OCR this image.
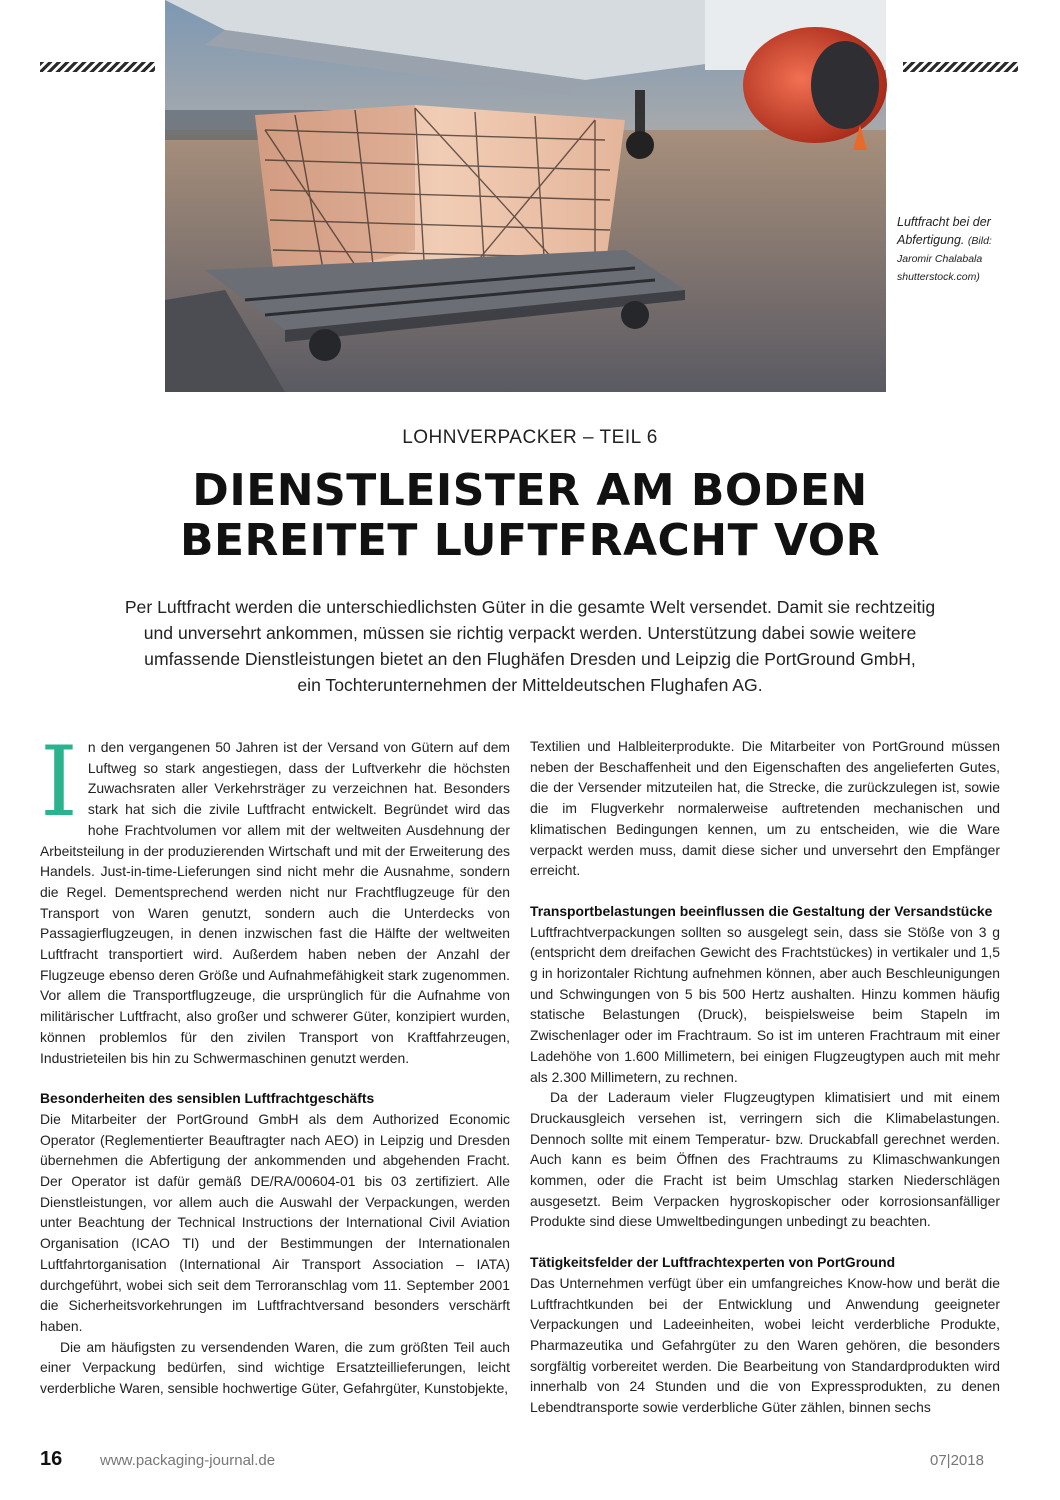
Luftfracht bei der
Abfertigung. (Bild:
Jaromir Chalabala
shutterstock.com)
LOHNVERPACKER – TEIL 6
DIENSTLEISTER AM BODEN
BEREITET LUFTFRACHT VOR
Per Luftfracht werden die unterschiedlichsten Güter in die gesamte Welt versendet. Damit sie rechtzeitig
und unversehrt ankommen, müssen sie richtig verpackt werden. Unterstützung dabei sowie weitere
umfassende Dienstleistungen bietet an den Flughäfen Dresden und Leipzig die PortGround GmbH,
ein Tochterunternehmen der Mitteldeutschen Flughafen AG.

In den vergangenen 50 Jahren ist der Versand von Gütern auf dem Luftweg so stark angestiegen, dass der Luftverkehr die höchsten Zuwachsraten aller Verkehrsträger zu verzeichnen hat. Besonders stark hat sich die zivile Luftfracht entwickelt. Begründet wird das hohe Frachtvolumen vor allem mit der weltweiten Ausdehnung der Arbeitsteilung in der produzierenden Wirtschaft und mit der Erweiterung des Handels. Just-in-time-Lieferungen sind nicht mehr die Ausnahme, sondern die Regel. Dementsprechend werden nicht nur Frachtflugzeuge für den Transport von Waren genutzt, sondern auch die Unterdecks von Passagierflugzeugen, in denen inzwischen fast die Hälfte der weltweiten Luftfracht transportiert wird. Außerdem haben neben der Anzahl der Flugzeuge ebenso deren Größe und Aufnahmefähigkeit stark zugenommen. Vor allem die Transportflugzeuge, die ursprünglich für die Aufnahme von militärischer Luftfracht, also großer und schwerer Güter, konzipiert wurden, können problemlos für den zivilen Transport von Kraftfahrzeugen, Industrieteilen bis hin zu Schwermaschinen genutzt werden.

Besonderheiten des sensiblen Luftfrachtgeschäfts

Die Mitarbeiter der PortGround GmbH als dem Authorized Economic Operator (Reglementierter Beauftragter nach AEO) in Leipzig und Dresden übernehmen die Abfertigung der ankommenden und abgehenden Fracht. Der Operator ist dafür gemäß DE/RA/00604-01 bis 03 zertifiziert. Alle Dienstleistungen, vor allem auch die Auswahl der Verpackungen, werden unter Beachtung der Technical Instructions der International Civil Aviation Organisation (ICAO TI) und der Bestimmungen der Internationalen Luftfahrtorganisation (International Air Transport Association – IATA) durchgeführt, wobei sich seit dem Terroranschlag vom 11. September 2001 die Sicherheitsvorkehrungen im Luftfrachtversand besonders verschärft haben.

Die am häufigsten zu versendenden Waren, die zum größten Teil auch einer Verpackung bedürfen, sind wichtige Ersatzteillieferungen, leicht verderbliche Waren, sensible hochwertige Güter, Gefahrgüter, Kunstobjekte,

Textilien und Halbleiterprodukte. Die Mitarbeiter von PortGround müssen neben der Beschaffenheit und den Eigenschaften des angelieferten Gutes, die der Versender mitzuteilen hat, die Strecke, die zurückzulegen ist, sowie die im Flugverkehr normalerweise auftretenden mechanischen und klimatischen Bedingungen kennen, um zu entscheiden, wie die Ware verpackt werden muss, damit diese sicher und unversehrt den Empfänger erreicht.

Transportbelastungen beeinflussen die Gestaltung der Versandstücke

Luftfrachtverpackungen sollten so ausgelegt sein, dass sie Stöße von 3 g (entspricht dem dreifachen Gewicht des Frachtstückes) in vertikaler und 1,5 g in horizontaler Richtung aufnehmen können, aber auch Beschleunigungen und Schwingungen von 5 bis 500 Hertz aushalten. Hinzu kommen häufig statische Belastungen (Druck), beispielsweise beim Stapeln im Zwischenlager oder im Frachtraum. So ist im unteren Frachtraum mit einer Ladehöhe von 1.600 Millimetern, bei einigen Flugzeugtypen auch mit mehr als 2.300 Millimetern, zu rechnen.

Da der Laderaum vieler Flugzeugtypen klimatisiert und mit einem Druckausgleich versehen ist, verringern sich die Klimabelastungen. Dennoch sollte mit einem Temperatur- bzw. Druckabfall gerechnet werden. Auch kann es beim Öffnen des Frachtraums zu Klimaschwankungen kommen, oder die Fracht ist beim Umschlag starken Niederschlägen ausgesetzt. Beim Verpacken hygroskopischer oder korrosionsanfälliger Produkte sind diese Umweltbedingungen unbedingt zu beachten.

Tätigkeitsfelder der Luftfrachtexperten von PortGround

Das Unternehmen verfügt über ein umfangreiches Know-how und berät die Luftfrachtkunden bei der Entwicklung und Anwendung geeigneter Verpackungen und Ladeeinheiten, wobei leicht verderbliche Produkte, Pharmazeutika und Gefahrgüter zu den Waren gehören, die besonders sorgfältig vorbereitet werden. Die Bearbeitung von Standardprodukten wird innerhalb von 24 Stunden und die von Expressprodukten, zu denen Lebendtransporte sowie verderbliche Güter zählen, binnen sechs

16	www.packaging-journal.de	07|2018
